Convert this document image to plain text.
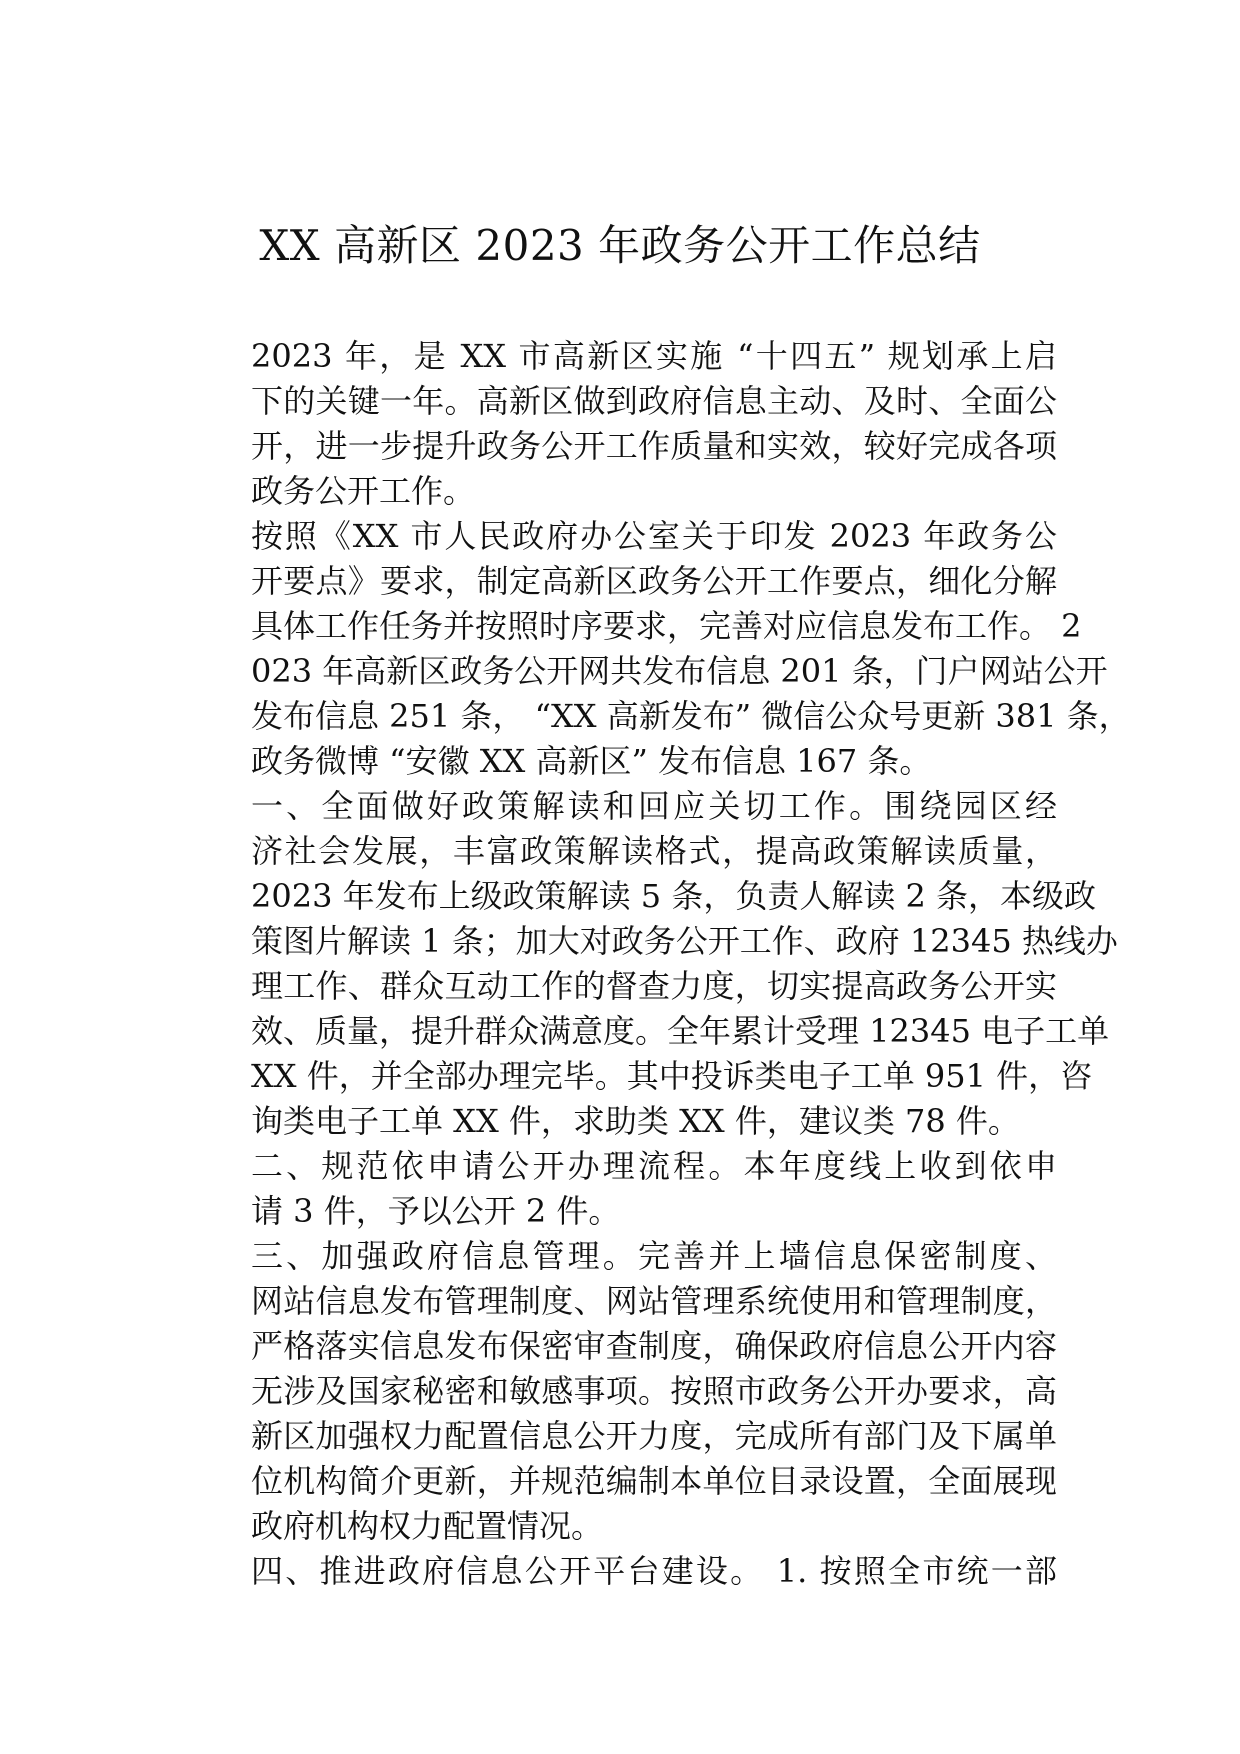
XX 高新区 2023 年政务公开工作总结

2023 年，是 XX 市高新区实施 “十四五” 规划承上启
下的关键一年。高新区做到政府信息主动、及时、全面公
开，进一步提升政务公开工作质量和实效，较好完成各项
政务公开工作。

按照《XX 市人民政府办公室关于印发 2023 年政务公
开要点》要求，制定高新区政务公开工作要点，细化分解
具体工作任务并按照时序要求，完善对应信息发布工作。 2
023 年高新区政务公开网共发布信息 201 条，门户网站公开
发布信息 251 条， “XX 高新发布” 微信公众号更新 381 条，
政务微博 “安徽 XX 高新区” 发布信息 167 条。

一、全面做好政策解读和回应关切工作。围绕园区经
济社会发展，丰富政策解读格式，提高政策解读质量，
2023 年发布上级政策解读 5 条，负责人解读 2 条，本级政
策图片解读 1 条；加大对政务公开工作、政府 12345 热线办
理工作、群众互动工作的督查力度，切实提高政务公开实
效、质量，提升群众满意度。全年累计受理 12345 电子工单
XX 件，并全部办理完毕。其中投诉类电子工单 951 件，咨
询类电子工单 XX 件，求助类 XX 件，建议类 78 件。

二、规范依申请公开办理流程。本年度线上收到依申
请 3 件，予以公开 2 件。

三、加强政府信息管理。完善并上墙信息保密制度、
网站信息发布管理制度、网站管理系统使用和管理制度，
严格落实信息发布保密审查制度，确保政府信息公开内容
无涉及国家秘密和敏感事项。按照市政务公开办要求，高
新区加强权力配置信息公开力度，完成所有部门及下属单
位机构简介更新，并规范编制本单位目录设置，全面展现
政府机构权力配置情况。

四、推进政府信息公开平台建设。 1. 按照全市统一部
